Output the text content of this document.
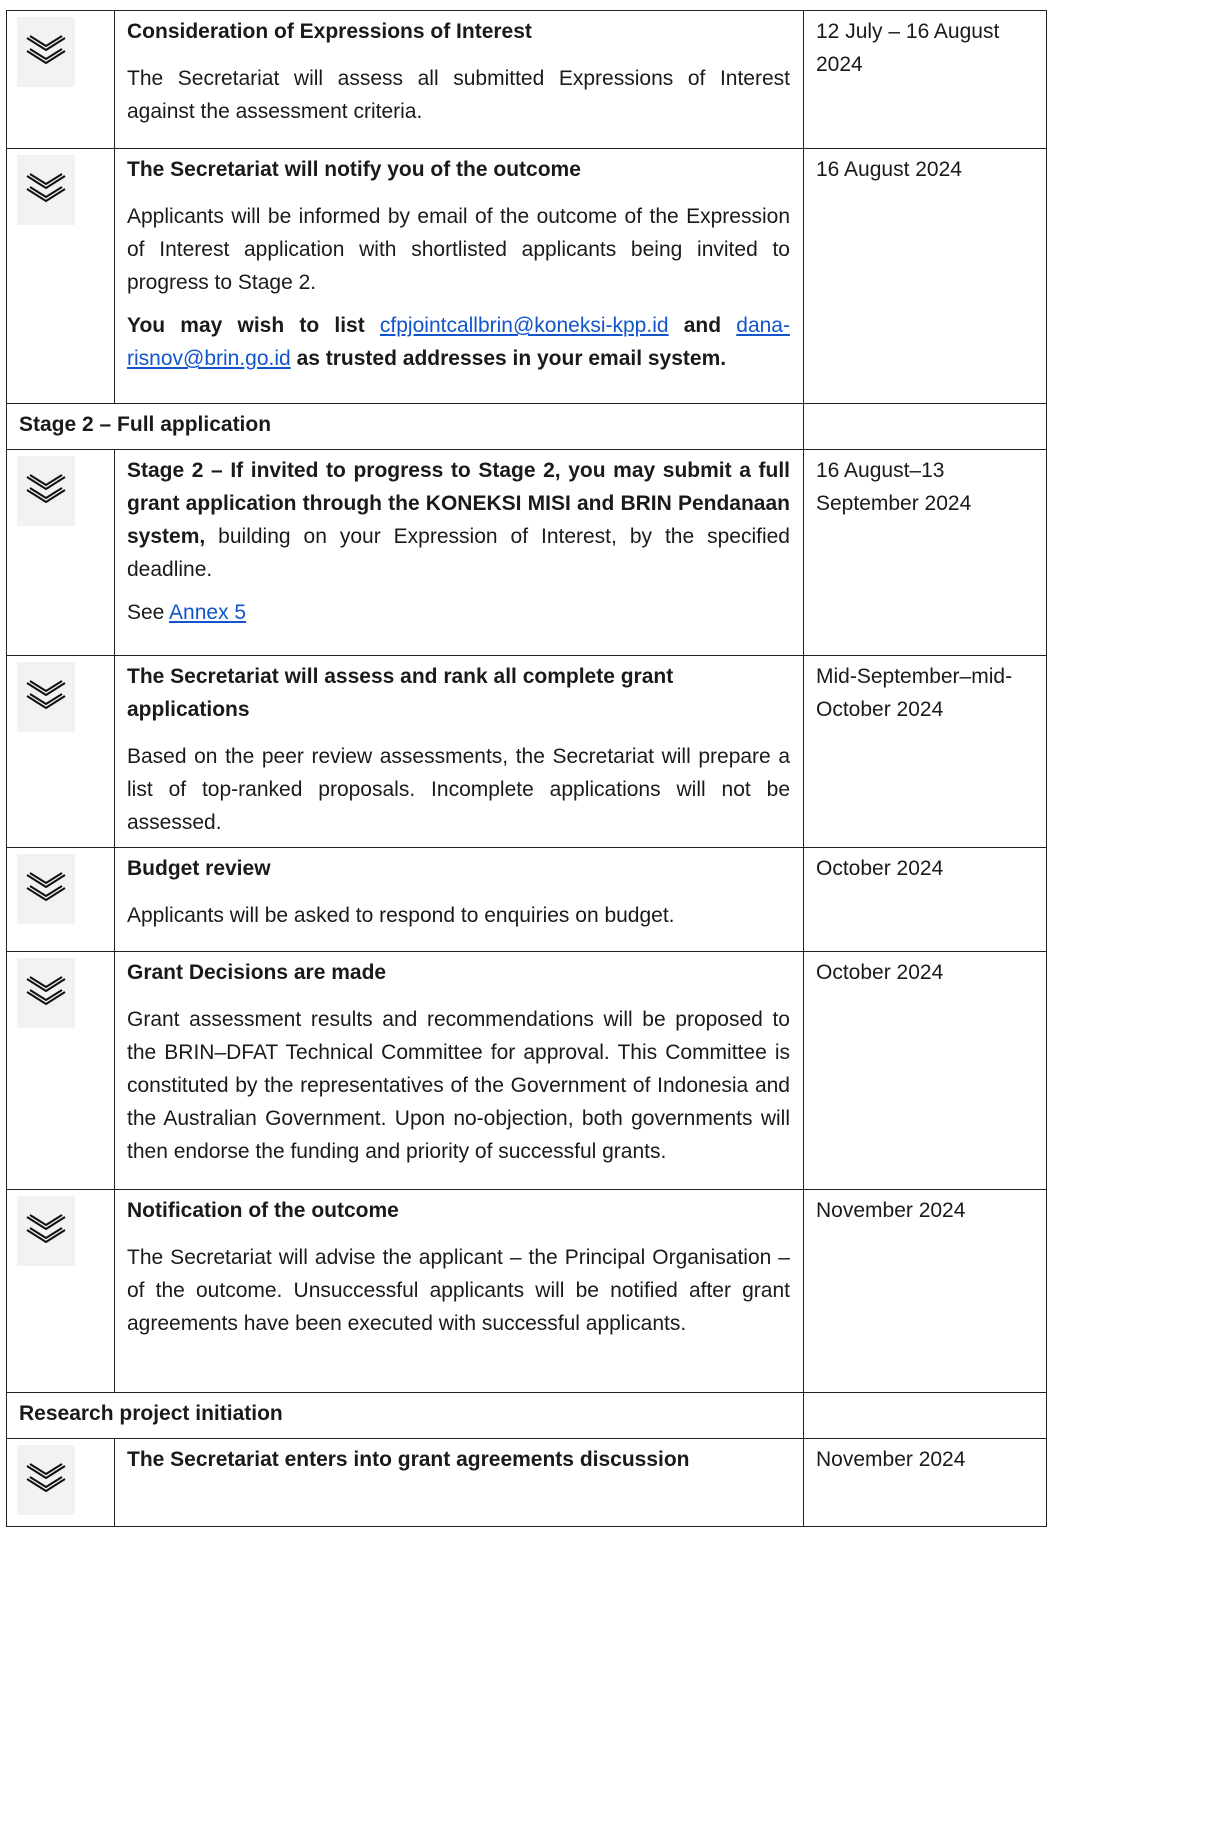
Consideration of Expressions of Interest

The Secretariat will assess all submitted Expressions of Interest against the assessment criteria.	12 July – 16 August 2024

The Secretariat will notify you of the outcome

Applicants will be informed by email of the outcome of the Expression of Interest application with shortlisted applicants being invited to progress to Stage 2.

You may wish to list cfpjointcallbrin@koneksi-kpp.id and dana-risnov@brin.go.id as trusted addresses in your email system.	16 August 2024
Stage 2 – Full application		

Stage 2 – If invited to progress to Stage 2, you may submit a full grant application through the KONEKSI MISI and BRIN Pendanaan system, building on your Expression of Interest, by the specified deadline.

See Annex 5	16 August–13 September 2024

The Secretariat will assess and rank all complete grant applications

Based on the peer review assessments, the Secretariat will prepare a list of top-ranked proposals. Incomplete applications will not be assessed.	Mid-September–mid-October 2024

Budget review

Applicants will be asked to respond to enquiries on budget.	October 2024

Grant Decisions are made

Grant assessment results and recommendations will be proposed to the BRIN–DFAT Technical Committee for approval. This Committee is constituted by the representatives of the Government of Indonesia and the Australian Government. Upon no-objection, both governments will then endorse the funding and priority of successful grants.	October 2024

Notification of the outcome

The Secretariat will advise the applicant – the Principal Organisation – of the outcome. Unsuccessful applicants will be notified after grant agreements have been executed with successful applicants.	November 2024
Research project initiation		

The Secretariat enters into grant agreements discussion	November 2024
